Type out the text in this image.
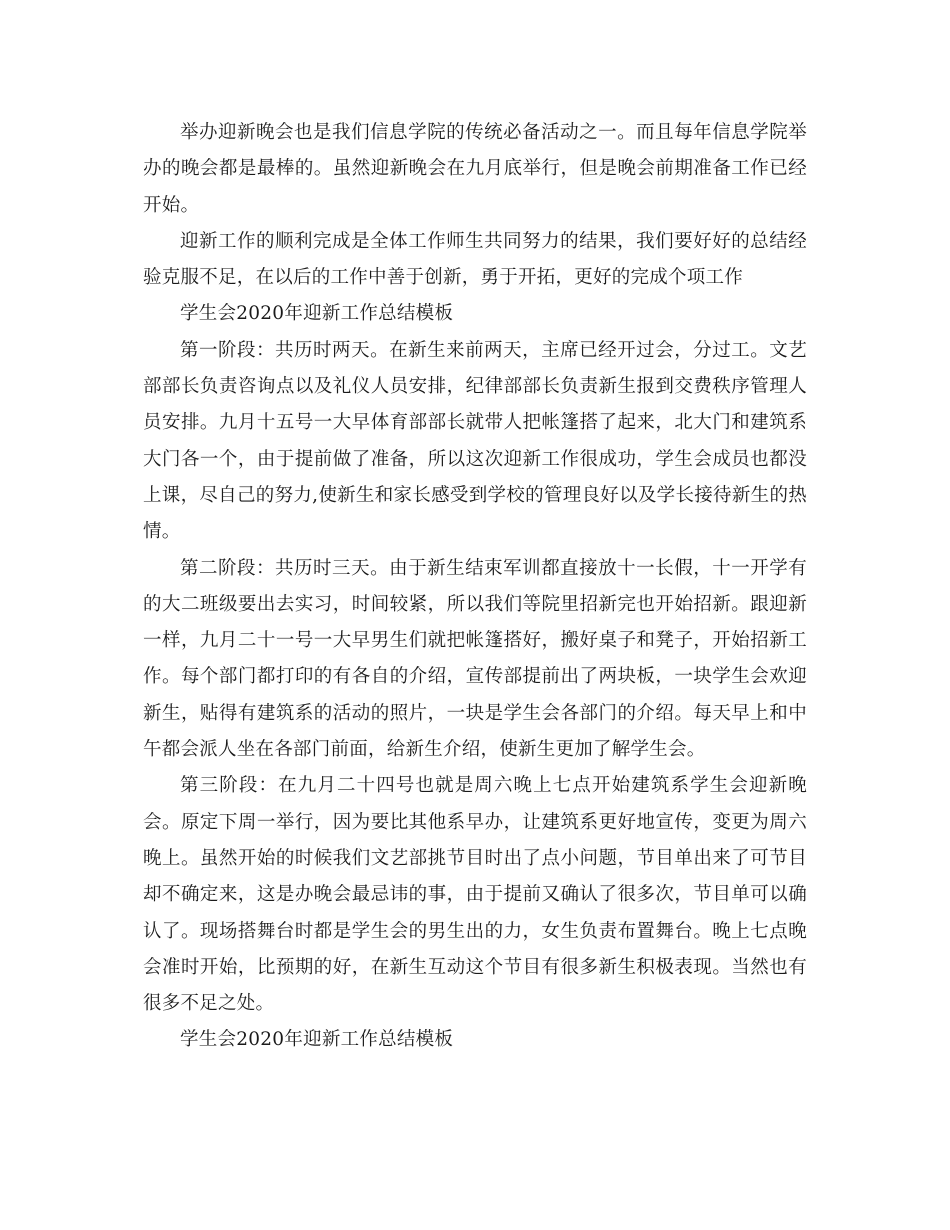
举办迎新晚会也是我们信息学院的传统必备活动之一。而且每年信息学院举办的晚会都是最棒的。虽然迎新晚会在九月底举行，但是晚会前期准备工作已经开始。

迎新工作的顺利完成是全体工作师生共同努力的结果，我们要好好的总结经验克服不足，在以后的工作中善于创新，勇于开拓，更好的完成个项工作

学生会2020年迎新工作总结模板

第一阶段：共历时两天。在新生来前两天，主席已经开过会，分过工。文艺部部长负责咨询点以及礼仪人员安排，纪律部部长负责新生报到交费秩序管理人员安排。九月十五号一大早体育部部长就带人把帐篷搭了起来，北大门和建筑系大门各一个，由于提前做了准备，所以这次迎新工作很成功，学生会成员也都没上课，尽自己的努力,使新生和家长感受到学校的管理良好以及学长接待新生的热情。

第二阶段：共历时三天。由于新生结束军训都直接放十一长假，十一开学有的大二班级要出去实习，时间较紧，所以我们等院里招新完也开始招新。跟迎新一样，九月二十一号一大早男生们就把帐篷搭好，搬好桌子和凳子，开始招新工作。每个部门都打印的有各自的介绍，宣传部提前出了两块板，一块学生会欢迎新生，贴得有建筑系的活动的照片，一块是学生会各部门的介绍。每天早上和中午都会派人坐在各部门前面，给新生介绍，使新生更加了解学生会。

第三阶段：在九月二十四号也就是周六晚上七点开始建筑系学生会迎新晚会。原定下周一举行，因为要比其他系早办，让建筑系更好地宣传，变更为周六晚上。虽然开始的时候我们文艺部挑节目时出了点小问题，节目单出来了可节目却不确定来，这是办晚会最忌讳的事，由于提前又确认了很多次，节目单可以确认了。现场搭舞台时都是学生会的男生出的力，女生负责布置舞台。晚上七点晚会准时开始，比预期的好，在新生互动这个节目有很多新生积极表现。当然也有很多不足之处。

学生会2020年迎新工作总结模板
